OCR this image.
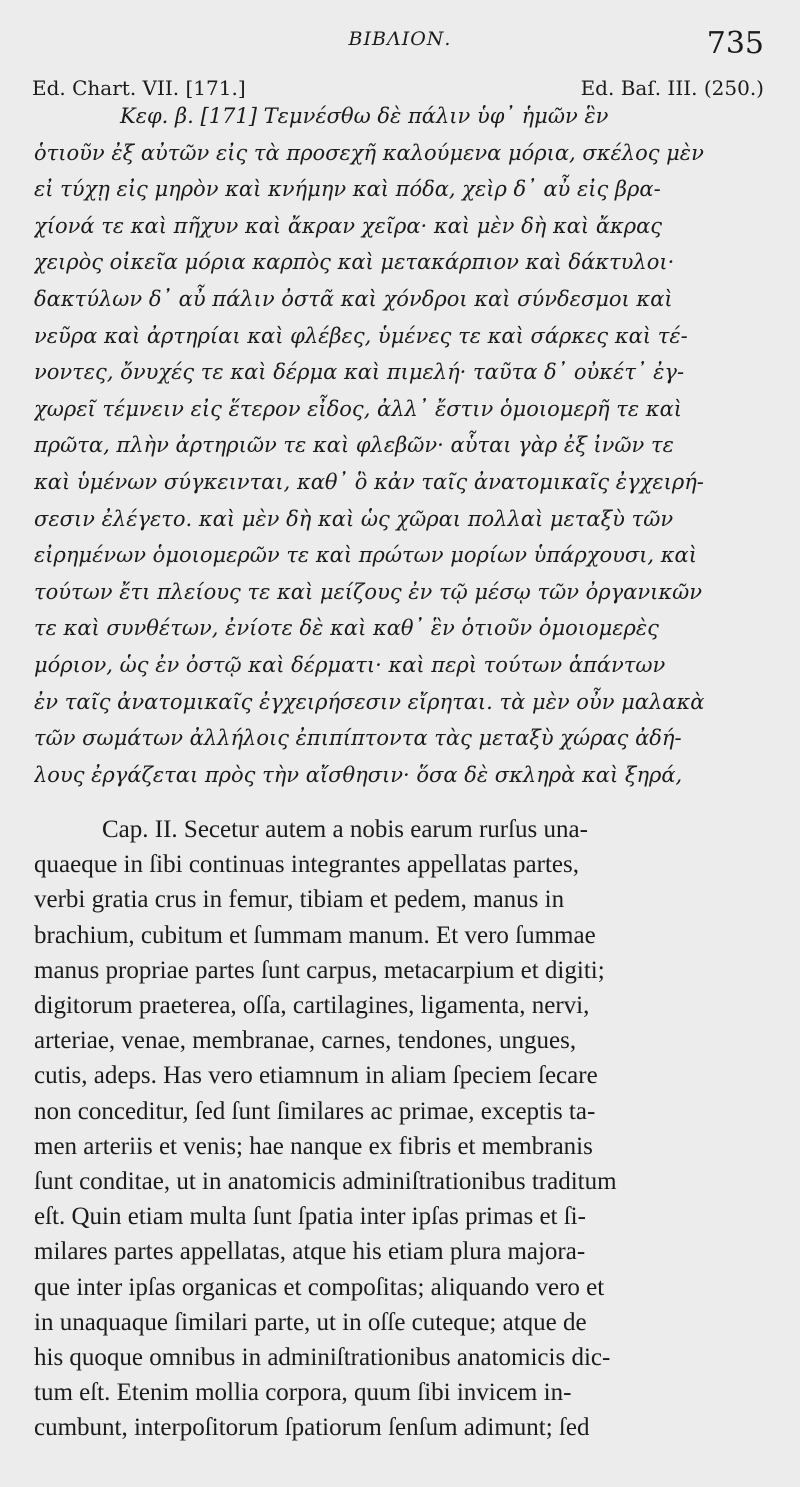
BIBΛΙΟΝ.	735
Ed. Chart. VII. [171.]	Ed. Baſ. III. (250.)
Κεφ. β. [171] Τεμνέσθω δὲ πάλιν ὑφ᾽ ἡμῶν ἓν
ὁτιοῦν ἐξ αὐτῶν εἰς τὰ προσεχῆ καλούμενα μόρια, σκέλος μὲν
εἰ τύχῃ εἰς μηρὸν καὶ κνήμην καὶ πόδα, χεὶρ δ᾽ αὖ εἰς βρα-
χίονά τε καὶ πῆχυν καὶ ἄκραν χεῖρα· καὶ μὲν δὴ καὶ ἄκρας
χειρὸς οἰκεῖα μόρια καρπὸς καὶ μετακάρπιον καὶ δάκτυλοι·
δακτύλων δ᾽ αὖ πάλιν ὀστᾶ καὶ χόνδροι καὶ σύνδεσμοι καὶ
νεῦρα καὶ ἀρτηρίαι καὶ φλέβες, ὑμένες τε καὶ σάρκες καὶ τέ-
νοντες, ὄνυχές τε καὶ δέρμα καὶ πιμελή· ταῦτα δ᾽ οὐκέτ᾽ ἐγ-
χωρεῖ τέμνειν εἰς ἕτερον εἶδος, ἀλλ᾽ ἔστιν ὁμοιομερῆ τε καὶ
πρῶτα, πλὴν ἀρτηριῶν τε καὶ φλεβῶν· αὗται γὰρ ἐξ ἰνῶν τε
καὶ ὑμένων σύγκεινται, καθ᾽ ὃ κἀν ταῖς ἀνατομικαῖς ἐγχειρή-
σεσιν ἐλέγετο. καὶ μὲν δὴ καὶ ὡς χῶραι πολλαὶ μεταξὺ τῶν
εἰρημένων ὁμοιομερῶν τε καὶ πρώτων μορίων ὑπάρχουσι, καὶ
τούτων ἔτι πλείους τε καὶ μείζους ἐν τῷ μέσῳ τῶν ὀργανικῶν
τε καὶ συνθέτων, ἐνίοτε δὲ καὶ καθ᾽ ἓν ὁτιοῦν ὁμοιομερὲς
μόριον, ὡς ἐν ὀστῷ καὶ δέρματι· καὶ περὶ τούτων ἁπάντων
ἐν ταῖς ἀνατομικαῖς ἐγχειρήσεσιν εἴρηται. τὰ μὲν οὖν μαλακὰ
τῶν σωμάτων ἀλλήλοις ἐπιπίπτοντα τὰς μεταξὺ χώρας ἀδή-
λους ἐργάζεται πρὸς τὴν αἴσθησιν· ὅσα δὲ σκληρὰ καὶ ξηρά,
Cap. II. Secetur autem a nobis earum rurſus una-
quaeque in ſibi continuas integrantes appellatas partes,
verbi gratia crus in femur, tibiam et pedem, manus in
brachium, cubitum et ſummam manum. Et vero ſummae
manus propriae partes ſunt carpus, metacarpium et digiti;
digitorum praeterea, oſſa, cartilagines, ligamenta, nervi,
arteriae, venae, membranae, carnes, tendones, ungues,
cutis, adeps. Has vero etiamnum in aliam ſpeciem ſecare
non conceditur, ſed ſunt ſimilares ac primae, exceptis ta-
men arteriis et venis; hae nanque ex fibris et membranis
ſunt conditae, ut in anatomicis adminiſtrationibus traditum
eſt. Quin etiam multa ſunt ſpatia inter ipſas primas et ſi-
milares partes appellatas, atque his etiam plura majora-
que inter ipſas organicas et compoſitas; aliquando vero et
in unaquaque ſimilari parte, ut in oſſe cuteque; atque de
his quoque omnibus in adminiſtrationibus anatomicis dic-
tum eſt. Etenim mollia corpora, quum ſibi invicem in-
cumbunt, interpoſitorum ſpatiorum ſenſum adimunt; ſed
